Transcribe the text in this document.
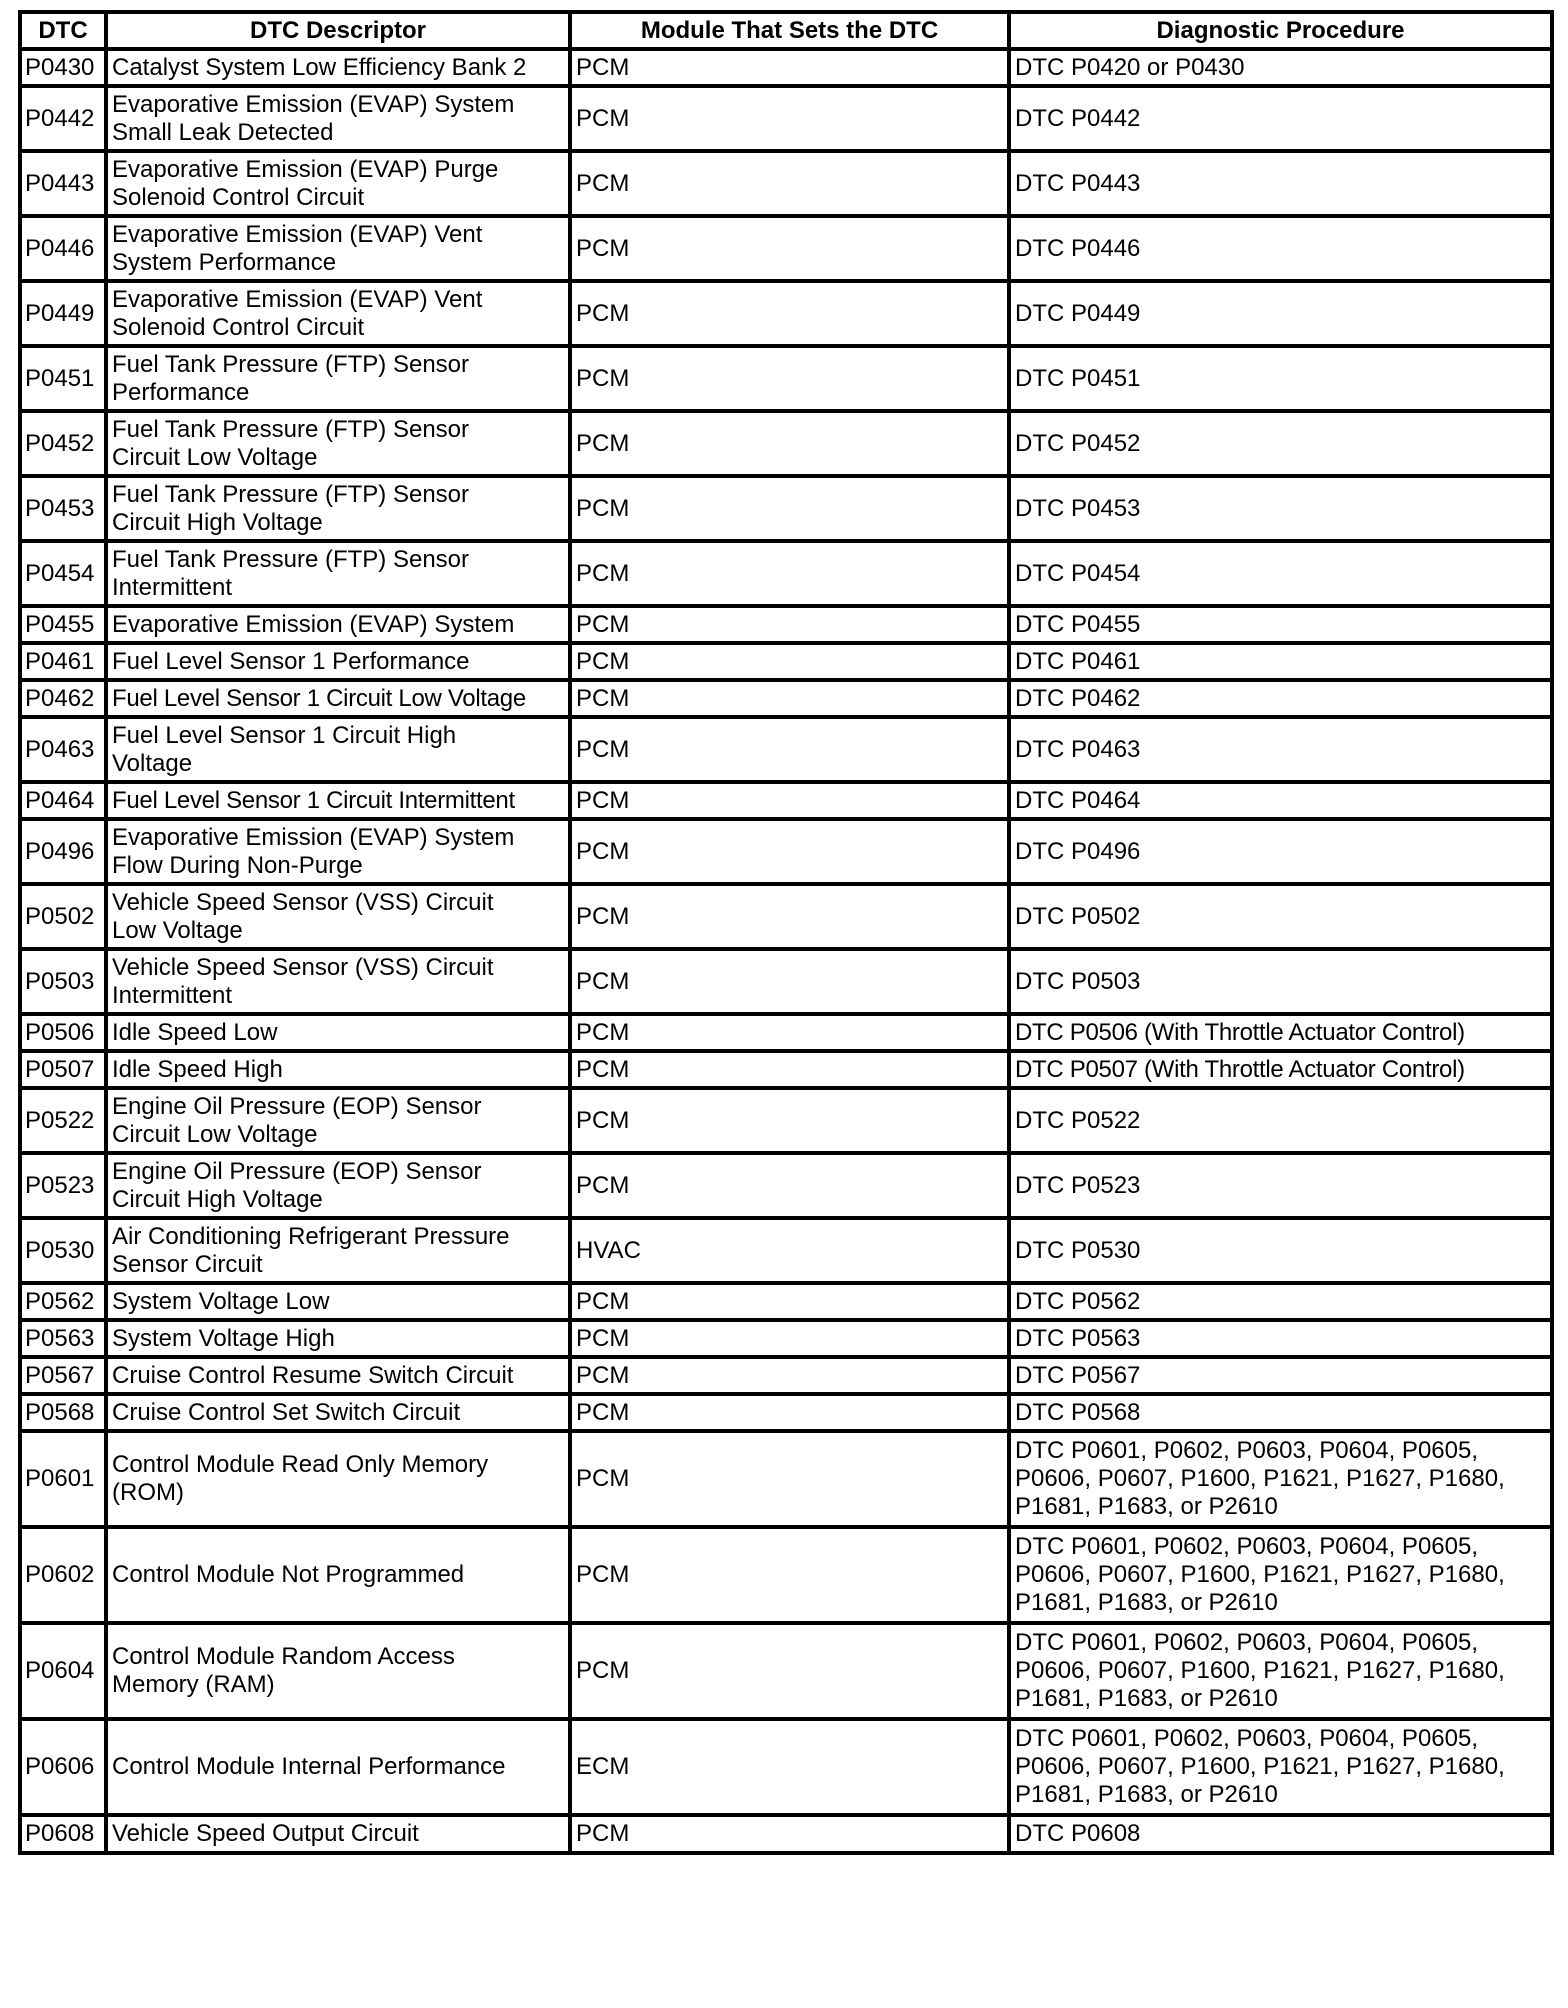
DTC	DTC Descriptor	Module That Sets the DTC	Diagnostic Procedure
P0430	Catalyst System Low Efficiency Bank 2	PCM	DTC P0420 or P0430
P0442	Evaporative Emission (EVAP) System
Small Leak Detected	PCM	DTC P0442
P0443	Evaporative Emission (EVAP) Purge
Solenoid Control Circuit	PCM	DTC P0443
P0446	Evaporative Emission (EVAP) Vent
System Performance	PCM	DTC P0446
P0449	Evaporative Emission (EVAP) Vent
Solenoid Control Circuit	PCM	DTC P0449
P0451	Fuel Tank Pressure (FTP) Sensor
Performance	PCM	DTC P0451
P0452	Fuel Tank Pressure (FTP) Sensor
Circuit Low Voltage	PCM	DTC P0452
P0453	Fuel Tank Pressure (FTP) Sensor
Circuit High Voltage	PCM	DTC P0453
P0454	Fuel Tank Pressure (FTP) Sensor
Intermittent	PCM	DTC P0454
P0455	Evaporative Emission (EVAP) System	PCM	DTC P0455
P0461	Fuel Level Sensor 1 Performance	PCM	DTC P0461
P0462	Fuel Level Sensor 1 Circuit Low Voltage	PCM	DTC P0462
P0463	Fuel Level Sensor 1 Circuit High
Voltage	PCM	DTC P0463
P0464	Fuel Level Sensor 1 Circuit Intermittent	PCM	DTC P0464
P0496	Evaporative Emission (EVAP) System
Flow During Non-Purge	PCM	DTC P0496
P0502	Vehicle Speed Sensor (VSS) Circuit
Low Voltage	PCM	DTC P0502
P0503	Vehicle Speed Sensor (VSS) Circuit
Intermittent	PCM	DTC P0503
P0506	Idle Speed Low	PCM	DTC P0506 (With Throttle Actuator Control)
P0507	Idle Speed High	PCM	DTC P0507 (With Throttle Actuator Control)
P0522	Engine Oil Pressure (EOP) Sensor
Circuit Low Voltage	PCM	DTC P0522
P0523	Engine Oil Pressure (EOP) Sensor
Circuit High Voltage	PCM	DTC P0523
P0530	Air Conditioning Refrigerant Pressure
Sensor Circuit	HVAC	DTC P0530
P0562	System Voltage Low	PCM	DTC P0562
P0563	System Voltage High	PCM	DTC P0563
P0567	Cruise Control Resume Switch Circuit	PCM	DTC P0567
P0568	Cruise Control Set Switch Circuit	PCM	DTC P0568
P0601	Control Module Read Only Memory
(ROM)	PCM	DTC P0601, P0602, P0603, P0604, P0605,
P0606, P0607, P1600, P1621, P1627, P1680,
P1681, P1683, or P2610
P0602	Control Module Not Programmed	PCM	DTC P0601, P0602, P0603, P0604, P0605,
P0606, P0607, P1600, P1621, P1627, P1680,
P1681, P1683, or P2610
P0604	Control Module Random Access
Memory (RAM)	PCM	DTC P0601, P0602, P0603, P0604, P0605,
P0606, P0607, P1600, P1621, P1627, P1680,
P1681, P1683, or P2610
P0606	Control Module Internal Performance	ECM	DTC P0601, P0602, P0603, P0604, P0605,
P0606, P0607, P1600, P1621, P1627, P1680,
P1681, P1683, or P2610
P0608	Vehicle Speed Output Circuit	PCM	DTC P0608
